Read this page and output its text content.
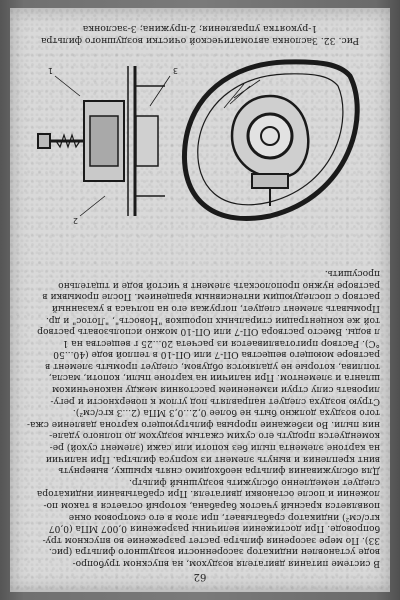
62
В системе питания двигателя воздухом, на впускном трубопро-
воде установлен индикатор засоренности воздушного фильтра (рис.
33). По мере засорения фильтра растет разрежение во впускном тру-
бопроводе. При достижении величины разрежения 0,007 МПа (0,07
кгс/см²) индикатор срабатывает, при этом в его смотровом окне
появляется красный участок барабана, который остается в таком по-
ложении и после остановки двигателя. При срабатывании индикатора
следует немедленно обслужить воздушный фильтр.
Для обслуживания фильтра необходимо снять крышку, вывернуть
винт крепления и вынуть элемент из корпуса фильтра. При наличии
на картоне элемента пыли без копоти или сажи (элемент сухой) ре-
комендуется продуть его сухим сжатым воздухом до полного удале-
ния пыли. Во избежание прорыва фильтрующего картона давление сжа-
того воздуха должно быть не более 0,2...0,3 МПа (2...3 кгс/см²).
Струю воздуха следует направлять под углом к поверхности и регу-
лировать силу струи изменением расстояния между наконечником
шланга и элементом. При наличии на картоне пыли, копоти, масла,
топлива, которые не удаляются обдувом, следует промыть элемент в
растворе моющего вещества ОП-7 или ОП-10 в теплой воде (40...50
°С). Раствор приготавливается из расчета 20...25 г вещества на 1
л воды. Вместо раствора ОП-7 или ОП-10 можно использовать раствор
той же концентрации стиральных порошков "Новость", "Лотос" и др.
Промывать элемент следует, погружая его на полчаса в указанный
раствор с последующим интенсивным вращением. После промывки в
растворе нужно прополоскать элемент в чистой воде и тщательно
просушить.
1
2
3
Рис. 32. Заслонка автоматической очистки воздушного фильтра
1-рукоятка управления; 2-пружина; 3-заслонка
